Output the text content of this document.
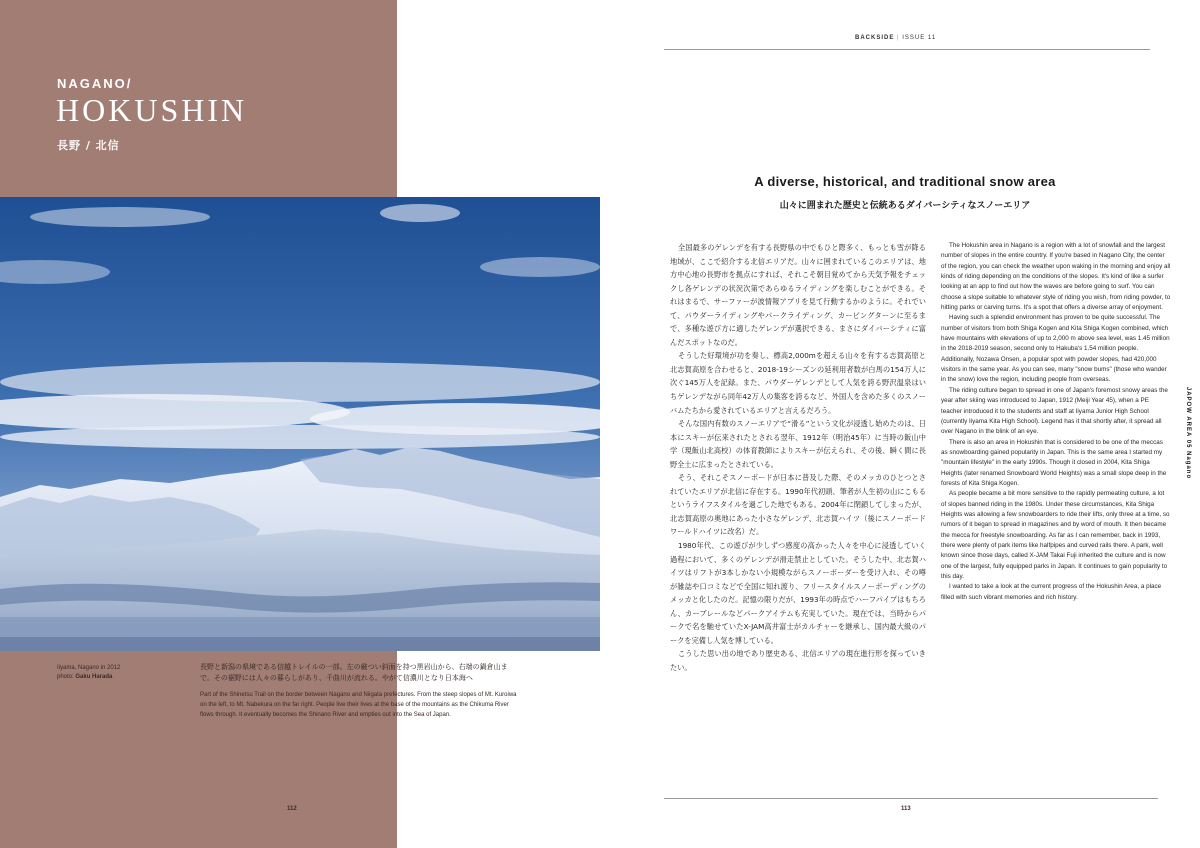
NAGANO/
HOKUSHIN
長野 / 北信
Iiyama, Nagano in 2012
photo: Gaku Harada
長野と新潟の県境である信越トレイルの一部。左の厳つい斜面を持つ黒岩山から、右端の鍋倉山まで。その裾野には人々の暮らしがあり、千曲川が流れる。やがて信濃川となり日本海へ
Part of the Shinetsu Trail on the border between Nagano and Niigata prefectures. From the steep slopes of Mt. Kuroiwa on the left, to Mt. Nabekura on the far right. People live their lives at the base of the mountains as the Chikuma River flows through. It eventually becomes the Shinano River and empties out into the Sea of Japan.
112
BACKSIDE | ISSUE 11
A diverse, historical, and traditional snow area
山々に囲まれた歴史と伝統あるダイバーシティなスノーエリア

全国最多のゲレンデを有する長野県の中でもひと際多く、もっとも雪が降る地域が、ここで紹介する北信エリアだ。山々に囲まれているこのエリアは、地方中心地の長野市を拠点にすれば、それこそ朝目覚めてから天気予報をチェックし各ゲレンデの状況次第であらゆるライディングを楽しむことができる。それはまるで、サーファーが波情報アプリを見て行動するかのように。それでいて、パウダーライディングやパークライディング、カービングターンに至るまで、多種な遊び方に適したゲレンデが選択できる、まさにダイバーシティに富んだスポットなのだ。

そうした好環境が功を奏し、標高2,000mを超える山々を有する志賀高原と北志賀高原を合わせると、2018-19シーズンの延利用者数が白馬の154万人に次ぐ145万人を記録。また、パウダーゲレンデとして人気を誇る野沢温泉はいちゲレンデながら同年42万人の集客を誇るなど、外国人を含めた多くのスノーバムたちから愛されているエリアと言えるだろう。

そんな国内有数のスノーエリアで“滑る”という文化が浸透し始めたのは、日本にスキーが伝来されたとされる翌年、1912年（明治45年）に当時の飯山中学（現飯山北高校）の体育教師によりスキーが伝えられ、その後、瞬く間に長野全土に広まったとされている。

そう、それこそスノーボードが日本に普及した際、そのメッカのひとつとされていたエリアが北信に存在する。1990年代初頭、筆者が人生初の山にこもるというライフスタイルを過ごした地でもある。2004年に閉鎖してしまったが、北志賀高原の奥地にあった小さなゲレンデ、北志賀ハイツ（後にスノーボードワールドハイツに改名）だ。

1980年代、この遊びが少しずつ感度の高かった人々を中心に浸透していく過程において、多くのゲレンデが滑走禁止としていた。そうした中、北志賀ハイツはリフトが3本しかない小規模ながらスノーボーダーを受け入れ、その噂が雑誌や口コミなどで全国に知れ渡り、フリースタイルスノーボーディングのメッカと化したのだ。記憶の限りだが、1993年の時点でハーフパイプはもちろん、カーブレールなどパークアイテムも充実していた。現在では、当時からパークで名を馳せていたX-JAM高井富士がカルチャーを継承し、国内最大級のパークを完備し人気を博している。

こうした思い出の地であり歴史ある、北信エリアの現在進行形を探っていきたい。

The Hokushin area in Nagano is a region with a lot of snowfall and the largest number of slopes in the entire country. If you're based in Nagano City, the center of the region, you can check the weather upon waking in the morning and enjoy all kinds of riding depending on the conditions of the slopes. It's kind of like a surfer looking at an app to find out how the waves are before going to surf. You can choose a slope suitable to whatever style of riding you wish, from riding powder, to hitting parks or carving turns. It's a spot that offers a diverse array of enjoyment.

Having such a splendid environment has proven to be quite successful. The number of visitors from both Shiga Kogen and Kita Shiga Kogen combined, which have mountains with elevations of up to 2,000 m above sea level, was 1.45 million in the 2018-2019 season, second only to Hakuba's 1.54 million people. Additionally, Nozawa Onsen, a popular spot with powder slopes, had 420,000 visitors in the same year. As you can see, many "snow bums" (those who wander in the snow) love the region, including people from overseas.

The riding culture began to spread in one of Japan's foremost snowy areas the year after skiing was introduced to Japan, 1912 (Meiji Year 45), when a PE teacher introduced it to the students and staff at Iiyama Junior High School (currently Iiyama Kita High School). Legend has it that shortly after, it spread all over Nagano in the blink of an eye.

There is also an area in Hokushin that is considered to be one of the meccas as snowboarding gained popularity in Japan. This is the same area I started my "mountain lifestyle" in the early 1990s. Though it closed in 2004, Kita Shiga Heights (later renamed Snowboard World Heights) was a small slope deep in the forests of Kita Shiga Kogen.

As people became a bit more sensitive to the rapidly permeating culture, a lot of slopes banned riding in the 1980s. Under these circumstances, Kita Shiga Heights was allowing a few snowboarders to ride their lifts, only three at a time, so rumors of it began to spread in magazines and by word of mouth. It then became the mecca for freestyle snowboarding. As far as I can remember, back in 1993, there were plenty of park items like halfpipes and curved rails there. A park, well known since those days, called X-JAM Takai Fuji inherited the culture and is now one of the largest, fully equipped parks in Japan. It continues to gain popularity to this day.

I wanted to take a look at the current progress of the Hokushin Area, a place filled with such vibrant memories and rich history.

JAPOW AREA 05 Nagano
113
